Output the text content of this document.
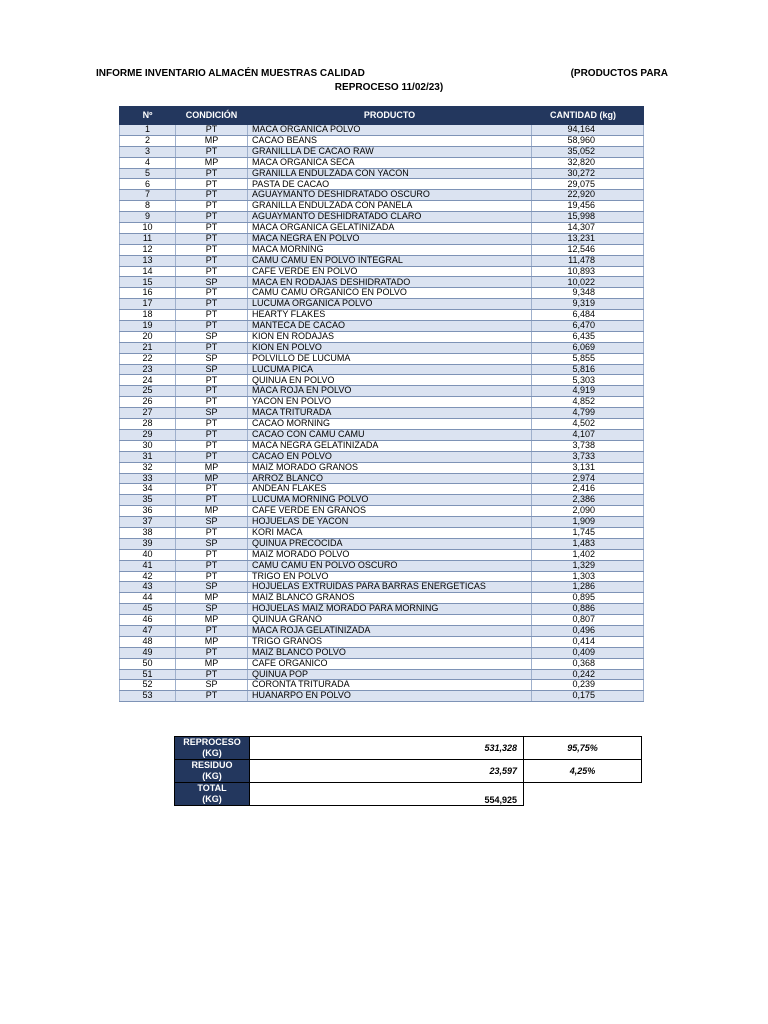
INFORME INVENTARIO ALMACÉN MUESTRAS CALIDAD	(PRODUCTOS PARA
REPROCESO 11/02/23)
Nº	CONDICIÓN	PRODUCTO	CANTIDAD (kg)
1	PT	MACA ORGANICA POLVO	94,164
2	MP	CACAO BEANS	58,960
3	PT	GRANILLLA DE CACAO RAW	35,052
4	MP	MACA ORGANICA SECA	32,820
5	PT	GRANILLA ENDULZADA CON YACON	30,272
6	PT	PASTA DE CACAO	29,075
7	PT	AGUAYMANTO DESHIDRATADO OSCURO	22,920
8	PT	GRANILLA ENDULZADA CON PANELA	19,456
9	PT	AGUAYMANTO DESHIDRATADO CLARO	15,998
10	PT	MACA ORGÁNICA GELATINIZADA	14,307
11	PT	MACA NEGRA EN POLVO	13,231
12	PT	MACA MORNING	12,546
13	PT	CAMU CAMU EN POLVO INTEGRAL	11,478
14	PT	CAFÉ VERDE EN POLVO	10,893
15	SP	MACA EN RODAJAS DESHIDRATADO	10,022
16	PT	CAMU CAMU ORGANICO EN POLVO	9,348
17	PT	LUCUMA ORGANICA POLVO	9,319
18	PT	HEARTY FLAKES	6,484
19	PT	MANTECA DE CACAO	6,470
20	SP	KION EN RODAJAS	6,435
21	PT	KION EN POLVO	6,069
22	SP	POLVILLO DE LUCUMA	5,855
23	SP	LUCUMA PICA	5,816
24	PT	QUINUA EN POLVO	5,303
25	PT	MACA ROJA EN POLVO	4,919
26	PT	YACON EN POLVO	4,852
27	SP	MACA TRITURADA	4,799
28	PT	CACAO MORNING	4,502
29	PT	CACAO CON CAMU CAMU	4,107
30	PT	MACA NEGRA GELATINIZADA	3,738
31	PT	CACAO EN POLVO	3,733
32	MP	MAIZ MORADO GRANOS	3,131
33	MP	ARROZ BLANCO	2,974
34	PT	ANDEAN FLAKES	2,416
35	PT	LUCUMA MORNING POLVO	2,386
36	MP	CAFE VERDE EN GRANOS	2,090
37	SP	HOJUELAS DE YACON	1,909
38	PT	KORI MACA	1,745
39	SP	QUINUA PRECOCIDA	1,483
40	PT	MAIZ MORADO POLVO	1,402
41	PT	CAMU CAMU EN POLVO OSCURO	1,329
42	PT	TRIGO EN POLVO	1,303
43	SP	HOJUELAS EXTRUIDAS PARA BARRAS ENERGETICAS	1,286
44	MP	MAIZ BLANCO GRANOS	0,895
45	SP	HOJUELAS MAIZ MORADO PARA MORNING	0,886
46	MP	QUINUA GRANO	0,807
47	PT	MACA ROJA GELATINIZADA	0,496
48	MP	TRIGO GRANOS	0,414
49	PT	MAIZ BLANCO POLVO	0,409
50	MP	CAFE ORGANICO	0,368
51	PT	QUINUA POP	0,242
52	SP	CORONTA TRITURADA	0,239
53	PT	HUANARPO EN POLVO	0,175
REPROCESO
(KG)	531,328	95,75%
RESIDUO
(KG)	23,597	4,25%
TOTAL
(KG)	554,925	
